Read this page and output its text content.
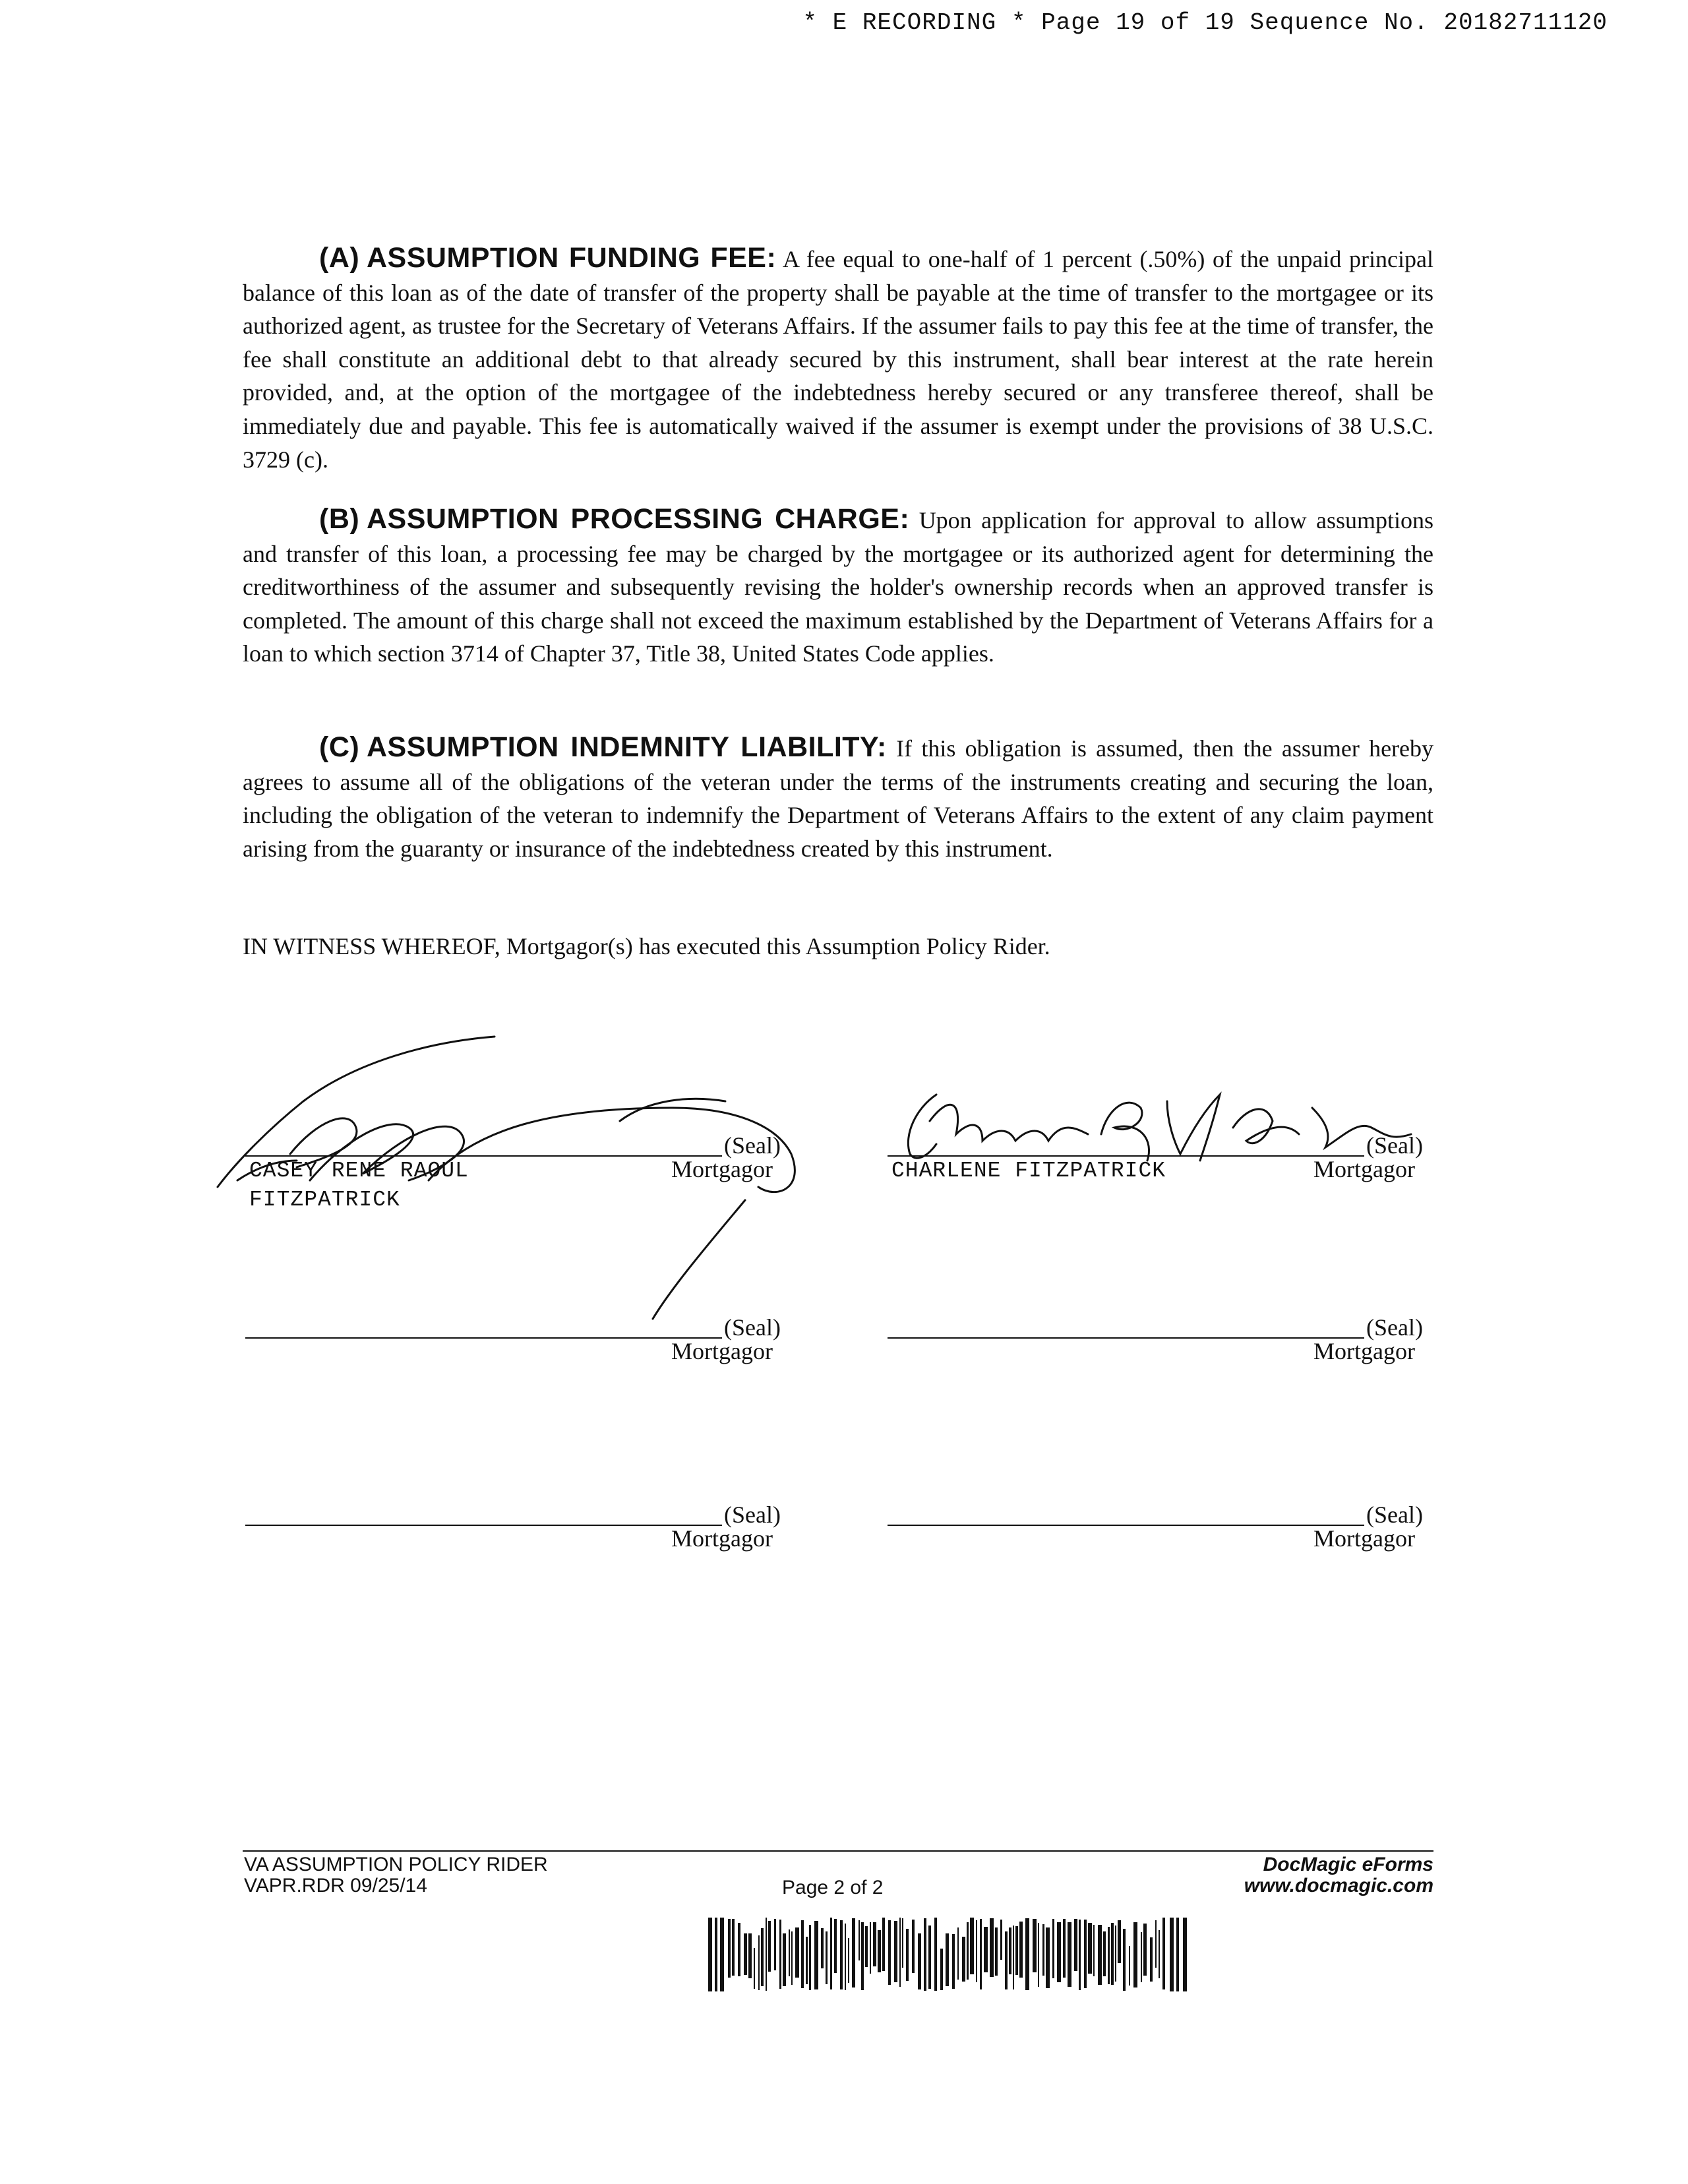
* E RECORDING * Page 19 of 19 Sequence No. 20182711120
(A) ASSUMPTION FUNDING FEE: A fee equal to one-half of 1 percent (.50%) of the unpaid principal balance of this loan as of the date of transfer of the property shall be payable at the time of transfer to the mortgagee or its authorized agent, as trustee for the Secretary of Veterans Affairs. If the assumer fails to pay this fee at the time of transfer, the fee shall constitute an additional debt to that already secured by this instrument, shall bear interest at the rate herein provided, and, at the option of the mortgagee of the indebtedness hereby secured or any transferee thereof, shall be immediately due and payable. This fee is automatically waived if the assumer is exempt under the provisions of 38 U.S.C. 3729 (c).
(B) ASSUMPTION PROCESSING CHARGE: Upon application for approval to allow assumptions and transfer of this loan, a processing fee may be charged by the mortgagee or its authorized agent for determining the creditworthiness of the assumer and subsequently revising the holder's ownership records when an approved transfer is completed. The amount of this charge shall not exceed the maximum established by the Department of Veterans Affairs for a loan to which section 3714 of Chapter 37, Title 38, United States Code applies.
(C) ASSUMPTION INDEMNITY LIABILITY: If this obligation is assumed, then the assumer hereby agrees to assume all of the obligations of the veteran under the terms of the instruments creating and securing the loan, including the obligation of the veteran to indemnify the Department of Veterans Affairs to the extent of any claim payment arising from the guaranty or insurance of the indebtedness created by this instrument.
IN WITNESS WHEREOF, Mortgagor(s) has executed this Assumption Policy Rider.
(Seal)
Mortgagor
CASEY RENE RAOUL
FITZPATRICK
(Seal)
Mortgagor
CHARLENE FITZPATRICK
(Seal)
Mortgagor
(Seal)
Mortgagor
(Seal)
Mortgagor
(Seal)
Mortgagor
VA ASSUMPTION POLICY RIDER
VAPR.RDR 09/25/14	Page 2 of 2
DocMagic eForms
www.docmagic.com
